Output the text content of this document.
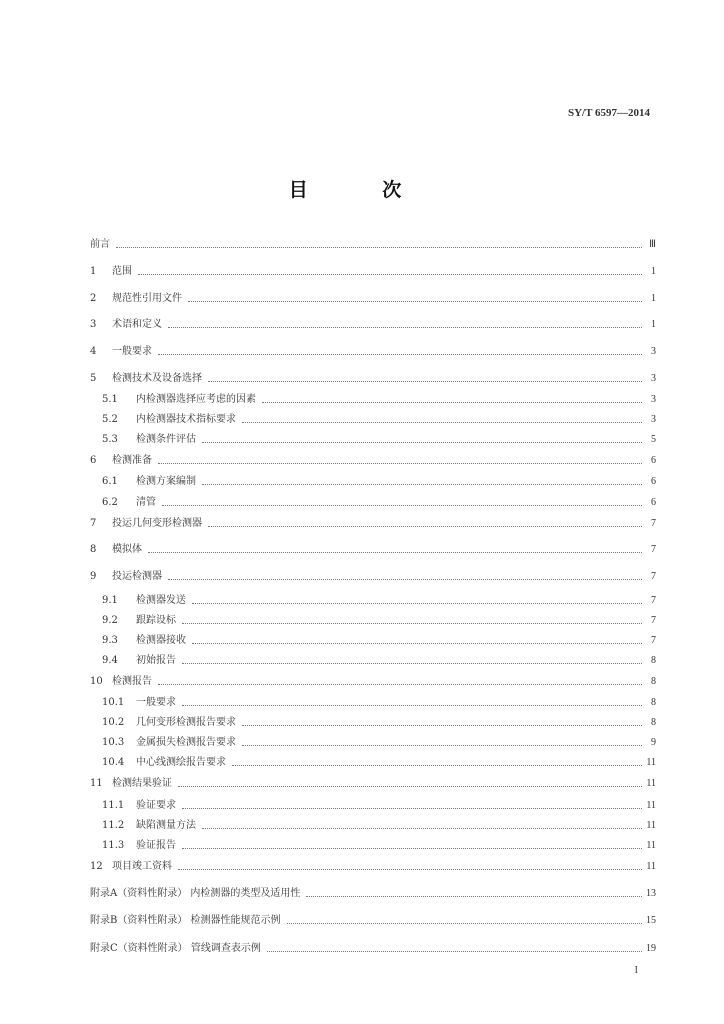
SY/T 6597—2014
目 次
前言	Ⅲ
1	范围	1
2	规范性引用文件	1
3	术语和定义	1
4	一般要求	3
5	检测技术及设备选择	3
5.1	内检测器选择应考虑的因素	3
5.2	内检测器技术指标要求	3
5.3	检测条件评估	5
6	检测准备	6
6.1	检测方案编制	6
6.2	清管	6
7	投运几何变形检测器	7
8	模拟体	7
9	投运检测器	7
9.1	检测器发送	7
9.2	跟踪设标	7
9.3	检测器接收	7
9.4	初始报告	8
10 检测报告	8
10.1	一般要求	8
10.2	几何变形检测报告要求	8
10.3	金属损失检测报告要求	9
10.4	中心线测绘报告要求	11
11 检测结果验证	11
11.1	验证要求	11
11.2	缺陷测量方法	11
11.3	验证报告	11
12 项目竣工资料	11
附录A（资料性附录） 内检测器的类型及适用性	13
附录B（资料性附录） 检测器性能规范示例	15
附录C（资料性附录） 管线调查表示例	19
I
